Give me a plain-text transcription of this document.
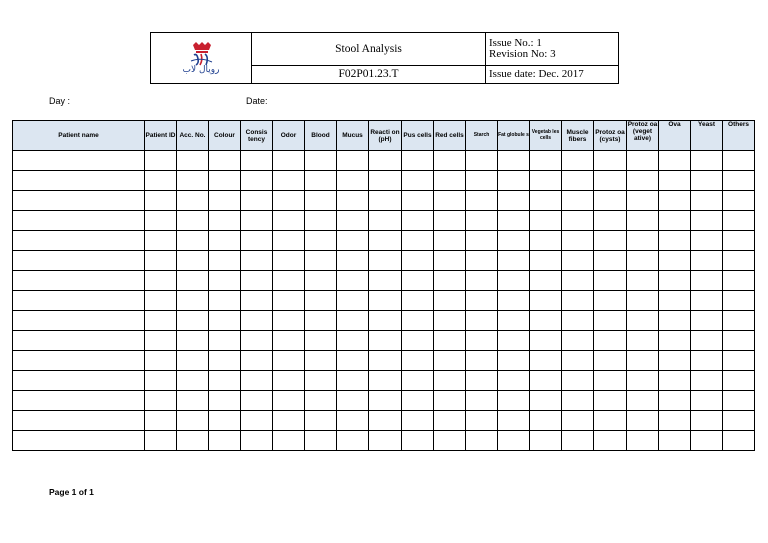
رویال لاب	Stool Analysis	Issue No.: 1
Revision No: 3

	F02P01.23.T	Issue date: Dec. 2017
Day :	Date:
Patient name	Patient ID	Acc. No.	Colour	Consis tency	Odor	Blood	Mucus	Reacti on (pH)	Pus cells	Red cells	Starch	Fat globule s	Vegetab les cells	Muscle fibers	Protoz oa (cysts)	Protoz oa (veget ative)	Ova	Yeast	Others

Page 1 of 1
